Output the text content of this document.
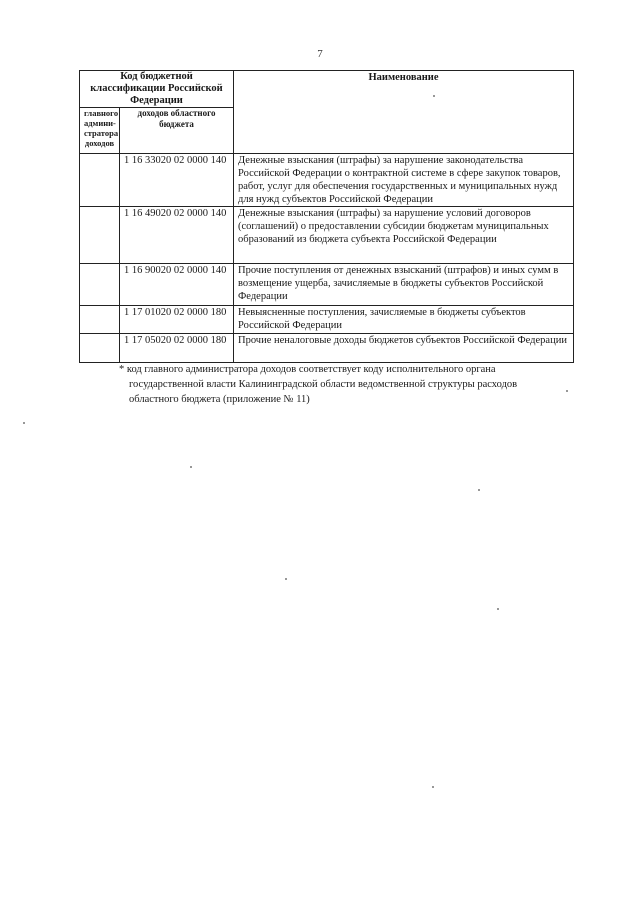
7
Код бюджетной классификации Российской Федерации		Наименование
главного админи-стратора доходов	доходов областного бюджета	
	1 16 33020 02 0000 140	Денежные взыскания (штрафы) за нарушение законодательства Российской Федерации о контрактной системе в сфере закупок товаров, работ, услуг для обеспечения государственных и муниципальных нужд для нужд субъектов Российской Федерации
	1 16 49020 02 0000 140	Денежные взыскания (штрафы) за нарушение условий договоров (соглашений) о предоставлении субсидии бюджетам муниципальных образований из бюджета субъекта Российской Федерации
	1 16 90020 02 0000 140	Прочие поступления от денежных взысканий (штрафов) и иных сумм в возмещение ущерба, зачисляемые в бюджеты субъектов Российской Федерации
	1 17 01020 02 0000 180	Невыясненные поступления, зачисляемые в бюджеты субъектов Российской Федерации
	1 17 05020 02 0000 180	Прочие неналоговые доходы бюджетов субъектов Российской Федерации
* код главного администратора доходов соответствует коду исполнительного органа
государственной власти Калининградской области ведомственной структуры расходов
областного бюджета (приложение № 11)
